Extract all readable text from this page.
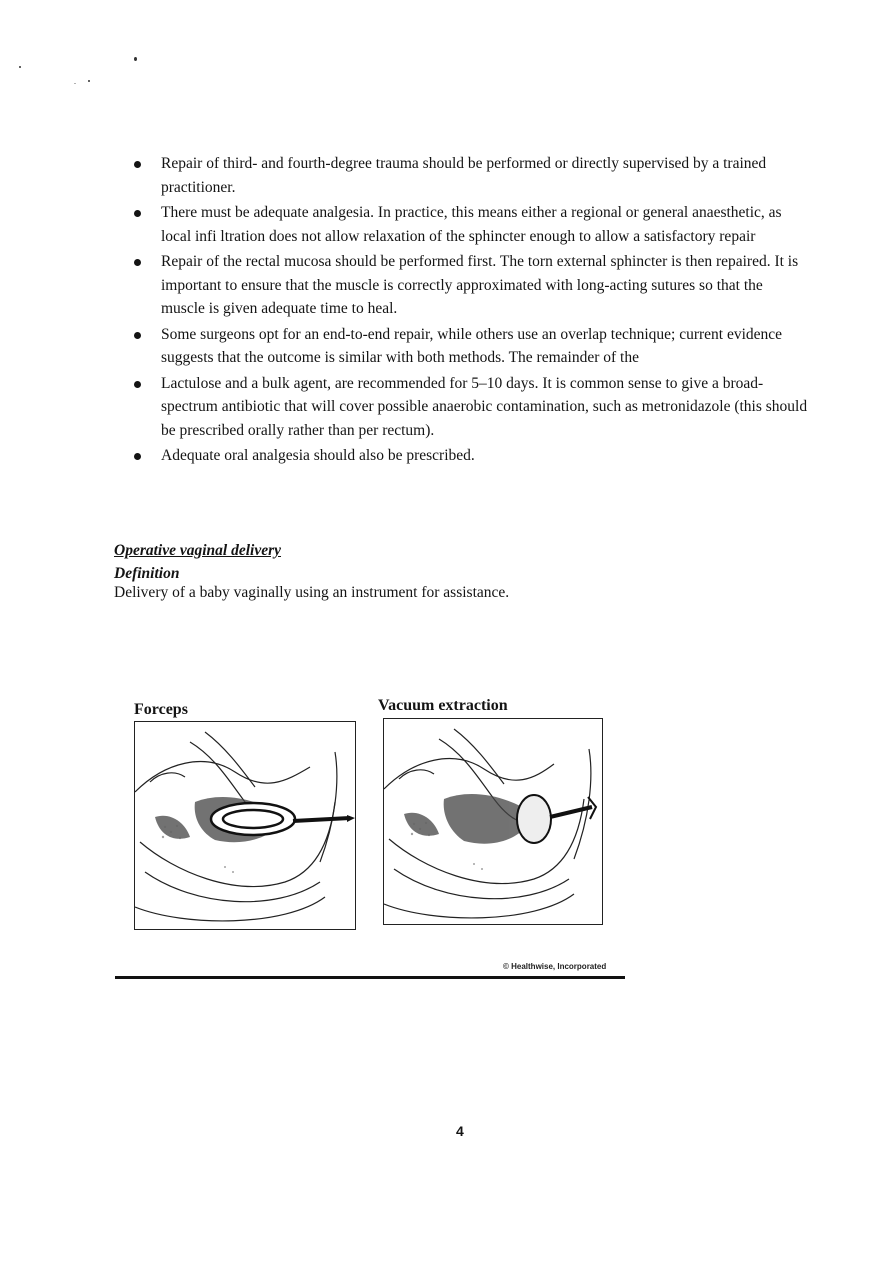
Repair of third- and fourth-degree trauma should be performed or directly supervised by a trained practitioner.
There must be adequate analgesia. In practice, this means either a regional or general anaesthetic, as local infi ltration does not allow relaxation of the sphincter enough to allow a satisfactory repair
Repair of the rectal mucosa should be performed first. The torn external sphincter is then repaired. It is important to ensure that the muscle is correctly approximated with long-acting sutures so that the muscle is given adequate time to heal.
Some surgeons opt for an end-to-end repair, while others use an overlap technique; current evidence suggests that the outcome is similar with both methods. The remainder of the
Lactulose and a bulk agent, are recommended for 5–10 days. It is common sense to give a broad-spectrum antibiotic that will cover possible anaerobic contamination, such as metronidazole (this should be prescribed orally rather than per rectum).
Adequate oral analgesia should also be prescribed.
Operative vaginal delivery
Definition
Delivery of a baby vaginally using an instrument for assistance.
Forceps	Vacuum extraction
© Healthwise, Incorporated
4
